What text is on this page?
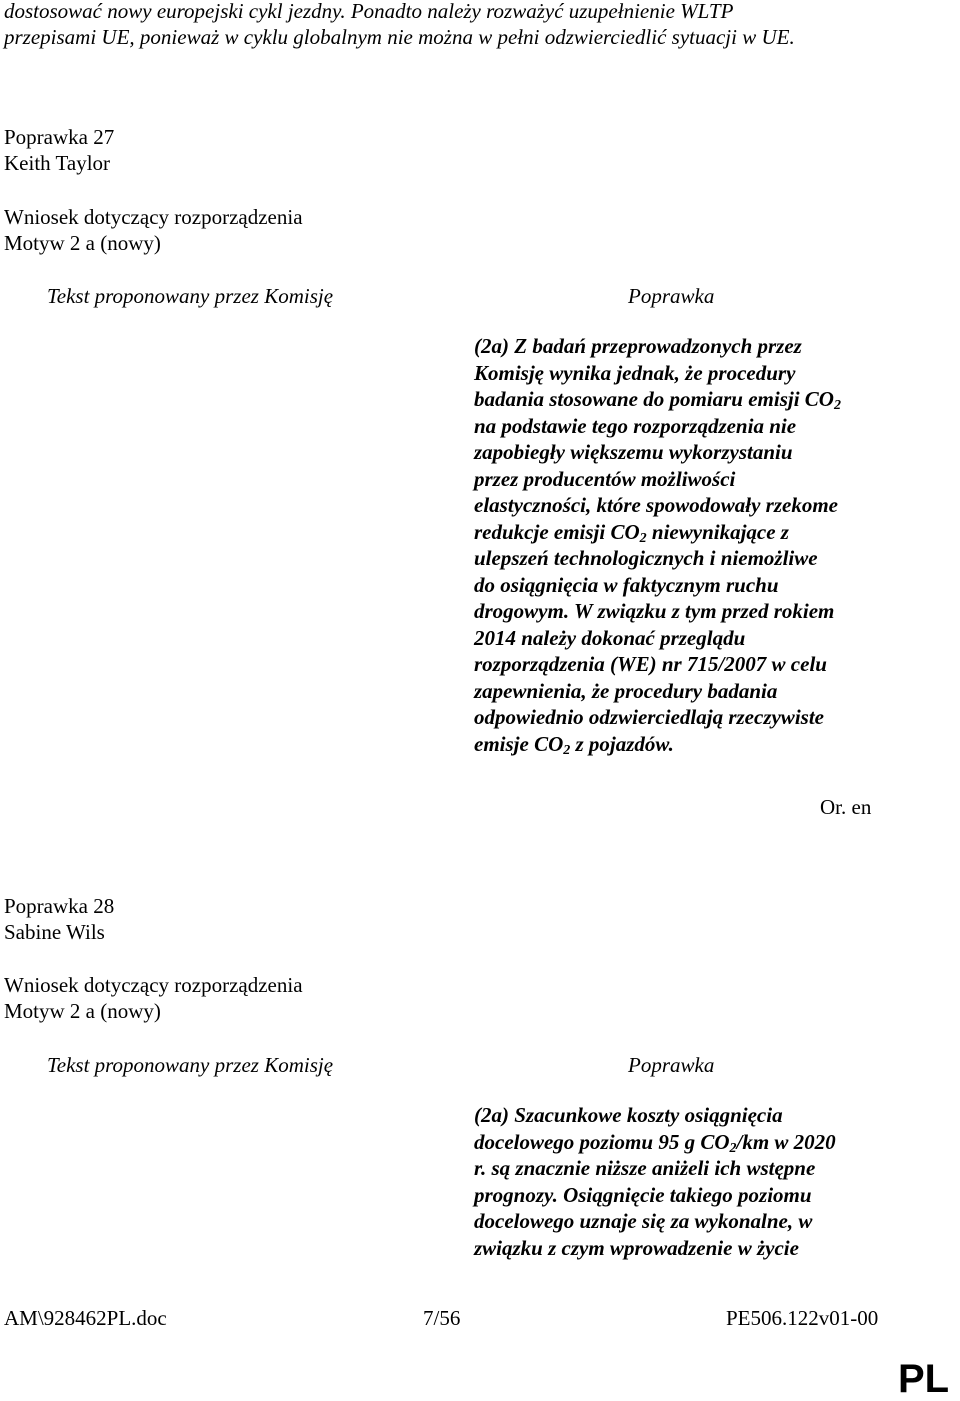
dostosować nowy europejski cykl jezdny. Ponadto należy rozważyć uzupełnienie WLTP
przepisami UE, ponieważ w cyklu globalnym nie można w pełni odzwierciedlić sytuacji w UE.
Poprawka 27
Keith Taylor
Wniosek dotyczący rozporządzenia
Motyw 2 a (nowy)
Tekst proponowany przez Komisję	Poprawka
(2a) Z badań przeprowadzonych przez
Komisję wynika jednak, że procedury
badania stosowane do pomiaru emisji $CO_2$
na podstawie tego rozporządzenia nie
zapobiegły większemu wykorzystaniu
przez producentów możliwości
elastyczności, które spowodowały rzekome
redukcje emisji $CO_2$ niewynikające z
ulepszeń technologicznych i niemożliwe
do osiągnięcia w faktycznym ruchu
drogowym. W związku z tym przed rokiem
2014 należy dokonać przeglądu
rozporządzenia (WE) nr 715/2007 w celu
zapewnienia, że procedury badania
odpowiednio odzwierciedlają rzeczywiste
emisje $CO_2$ z pojazdów.
Or. en
Poprawka 28
Sabine Wils
Wniosek dotyczący rozporządzenia
Motyw 2 a (nowy)
Tekst proponowany przez Komisję	Poprawka
(2a) Szacunkowe koszty osiągnięcia
docelowego poziomu 95 g $CO_2/km$ w 2020
r. są znacznie niższe aniżeli ich wstępne
prognozy. Osiągnięcie takiego poziomu
docelowego uznaje się za wykonalne, w
związku z czym wprowadzenie w życie
AM\928462PL.doc	7/56	PE506.122v01-00
PL
